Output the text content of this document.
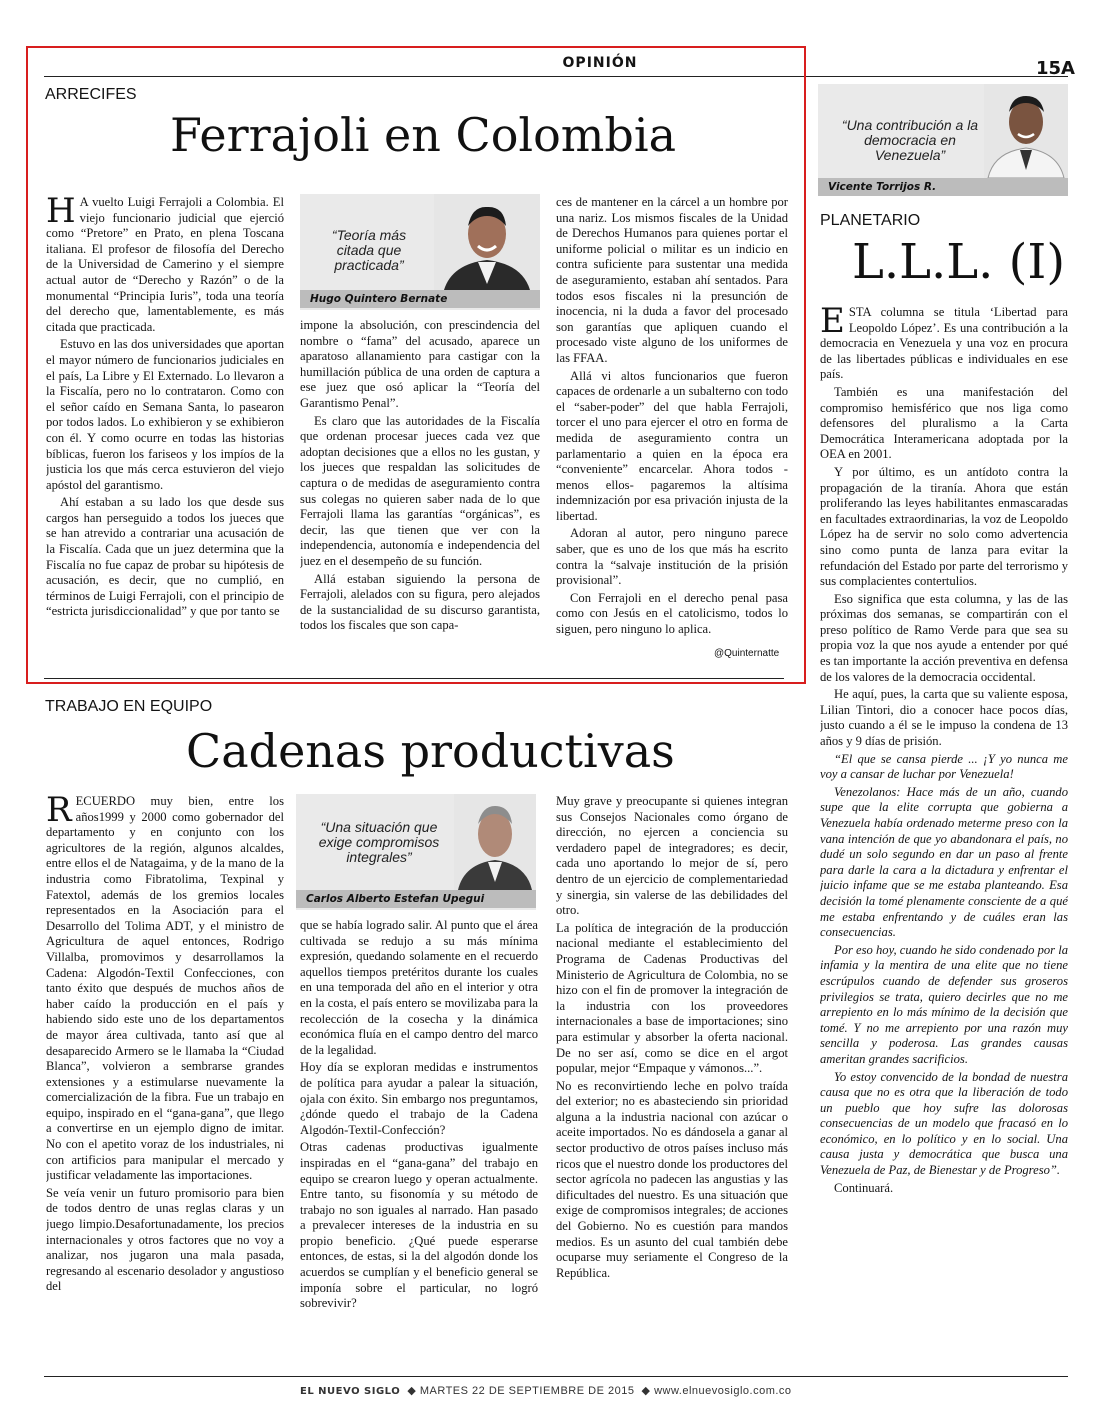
OPINIÓN	15A
ARRECIFES
Ferrajoli en Colombia

H A vuelto Luigi Ferrajoli a Colombia. El viejo funcionario judicial que ejerció como “Pretore” en Prato, en plena Toscana italiana. El profesor de filosofía del Derecho de la Universidad de Camerino y el siempre actual autor de “Derecho y Razón” o de la monumental “Principia Iuris”, toda una teoría del derecho que, lamentablemente, es más citada que practicada.

Estuvo en las dos universidades que aportan el mayor número de funcionarios judiciales en el país, La Libre y El Externado. Lo llevaron a la Fiscalía, pero no lo contrataron. Como con el señor caído en Semana Santa, lo pasearon por todos lados. Lo exhibieron y se exhibieron con él. Y como ocurre en todas las historias bíblicas, fueron los fariseos y los impíos de la justicia los que más cerca estuvieron del viejo apóstol del garantismo.

Ahí estaban a su lado los que desde sus cargos han perseguido a todos los jueces que se han atrevido a contrariar una acusación de la Fiscalía. Cada que un juez determina que la Fiscalía no fue capaz de probar su hipótesis de acusación, es decir, que no cumplió, en términos de Luigi Ferrajoli, con el principio de “estricta jurisdiccionalidad” y que por tanto se

“Teoría más citada que practicada”
Hugo Quintero Bernate

impone la absolución, con prescindencia del nombre o “fama” del acusado, aparece un aparatoso allanamiento para castigar con la humillación pública de una orden de captura a ese juez que osó aplicar la “Teoría del Garantismo Penal”.

Es claro que las autoridades de la Fiscalía que ordenan procesar jueces cada vez que adoptan decisiones que a ellos no les gustan, y los jueces que respaldan las solicitudes de captura o de medidas de aseguramiento contra sus colegas no quieren saber nada de lo que Ferrajoli llama las garantías “orgánicas”, es decir, las que tienen que ver con la independencia, autonomía e independencia del juez en el desempeño de su función.

Allá estaban siguiendo la persona de Ferrajoli, alelados con su figura, pero alejados de la sustancialidad de su discurso garantista, todos los fiscales que son capa-

ces de mantener en la cárcel a un hombre por una nariz. Los mismos fiscales de la Unidad de Derechos Humanos para quienes portar el uniforme policial o militar es un indicio en contra suficiente para sustentar una medida de aseguramiento, estaban ahí sentados. Para todos esos fiscales ni la presunción de inocencia, ni la duda a favor del procesado son garantías que apliquen cuando el procesado viste alguno de los uniformes de las FFAA.

Allá vi altos funcionarios que fueron capaces de ordenarle a un subalterno con todo el “saber-poder” del que habla Ferrajoli, torcer el uno para ejercer el otro en forma de medida de aseguramiento contra un parlamentario a quien en la época era “conveniente” encarcelar. Ahora todos -menos ellos- pagaremos la altísima indemnización por esa privación injusta de la libertad.

Adoran al autor, pero ninguno parece saber, que es uno de los que más ha escrito contra la “salvaje institución de la prisión provisional”.

Con Ferrajoli en el derecho penal pasa como con Jesús en el catolicismo, todos lo siguen, pero ninguno lo aplica.

@Quinternatte
TRABAJO EN EQUIPO
Cadenas productivas

RECUERDO muy bien, entre los años1999 y 2000 como gobernador del departamento y en conjunto con los agricultores de la región, algunos alcaldes, entre ellos el de Natagaima, y de la mano de la industria como Fibratolima, Texpinal y Fatextol, además de los gremios locales representados en la Asociación para el Desarrollo del Tolima ADT, y el ministro de Agricultura de aquel entonces, Rodrigo Villalba, promovimos y desarrollamos la Cadena: Algodón-Textil Confecciones, con tanto éxito que después de muchos años de haber caído la producción en el país y habiendo sido este uno de los departamentos de mayor área cultivada, tanto así que al desaparecido Armero se le llamaba la “Ciudad Blanca”, volvieron a sembrarse grandes extensiones y a estimularse nuevamente la comercialización de la fibra. Fue un trabajo en equipo, inspirado en el “gana-gana”, que llego a convertirse en un ejemplo digno de imitar. No con el apetito voraz de los industriales, ni con artificios para manipular el mercado y justificar veladamente las importaciones.

Se veía venir un futuro promisorio para bien de todos dentro de unas reglas claras y un juego limpio.Desafortunadamente, los precios internacionales y otros factores que no voy a analizar, nos jugaron una mala pasada, regresando al escenario desolador y angustioso del

“Una situación que exige compromisos integrales”
Carlos Alberto Estefan Upegui

que se había logrado salir. Al punto que el área cultivada se redujo a su más mínima expresión, quedando solamente en el recuerdo aquellos tiempos pretéritos durante los cuales en una temporada del año en el interior y otra en la costa, el país entero se movilizaba para la recolección de la cosecha y la dinámica económica fluía en el campo dentro del marco de la legalidad.

Hoy día se exploran medidas e instrumentos de política para ayudar a palear la situación, ojala con éxito. Sin embargo nos preguntamos, ¿dónde quedo el trabajo de la Cadena Algodón-Textil-Confección?

Otras cadenas productivas igualmente inspiradas en el “gana-gana” del trabajo en equipo se crearon luego y operan actualmente. Entre tanto, su fisonomía y su método de trabajo no son iguales al narrado. Han pasado a prevalecer intereses de la industria en su propio beneficio. ¿Qué puede esperarse entonces, de estas, si la del algodón donde los acuerdos se cumplían y el beneficio general se imponía sobre el particular, no logró sobrevivir?

Muy grave y preocupante si quienes integran sus Consejos Nacionales como órgano de dirección, no ejercen a conciencia su verdadero papel de integradores; es decir, cada uno aportando lo mejor de sí, pero dentro de un ejercicio de complementariedad y sinergia, sin valerse de las debilidades del otro.

La política de integración de la producción nacional mediante el establecimiento del Programa de Cadenas Productivas del Ministerio de Agricultura de Colombia, no se hizo con el fin de promover la integración de la industria con los proveedores internacionales a base de importaciones; sino para estimular y absorber la oferta nacional. De no ser así, como se dice en el argot popular, mejor “Empaque y vámonos...”.

No es reconvirtiendo leche en polvo traída del exterior; no es abasteciendo sin prioridad alguna a la industria nacional con azúcar o aceite importados. No es dándosela a ganar al sector productivo de otros países incluso más ricos que el nuestro donde los productores del sector agrícola no padecen las angustias y las dificultades del nuestro. Es una situación que exige de compromisos integrales; de acciones del Gobierno. No es cuestión para mandos medios. Es un asunto del cual también debe ocuparse muy seriamente el Congreso de la República.

“Una contribución a la democracia en Venezuela”
Vicente Torrijos R.
PLANETARIO
L.L.L. (I)

ESTA columna se titula ‘Libertad para Leopoldo López’. Es una contribución a la democracia en Venezuela y una voz en procura de las libertades públicas e individuales en ese país.

También es una manifestación del compromiso hemisférico que nos liga como defensores del pluralismo a la Carta Democrática Interamericana adoptada por la OEA en 2001.

Y por último, es un antídoto contra la propagación de la tiranía. Ahora que están proliferando las leyes habilitantes enmascaradas en facultades extraordinarias, la voz de Leopoldo López ha de servir no solo como advertencia sino como punta de lanza para evitar la refundación del Estado por parte del terrorismo y sus complacientes contertulios.

Eso significa que esta columna, y las de las próximas dos semanas, se compartirán con el preso político de Ramo Verde para que sea su propia voz la que nos ayude a entender por qué es tan importante la acción preventiva en defensa de los valores de la democracia occidental.

He aquí, pues, la carta que su valiente esposa, Lilian Tintori, dio a conocer hace pocos días, justo cuando a él se le impuso la condena de 13 años y 9 días de prisión.

“El que se cansa pierde ... ¡Y yo nunca me voy a cansar de luchar por Venezuela!

Venezolanos: Hace más de un año, cuando supe que la elite corrupta que gobierna a Venezuela había ordenado meterme preso con la vana intención de que yo abandonara el país, no dudé un solo segundo en dar un paso al frente para darle la cara a la dictadura y enfrentar el juicio infame que se me estaba planteando. Esa decisión la tomé plenamente consciente de a qué me estaba enfrentando y de cuáles eran las consecuencias.

Por eso hoy, cuando he sido condenado por la infamia y la mentira de una elite que no tiene escrúpulos cuando de defender sus groseros privilegios se trata, quiero decirles que no me arrepiento en lo más mínimo de la decisión que tomé. Y no me arrepiento por una razón muy sencilla y poderosa. Las grandes causas ameritan grandes sacrificios.

Yo estoy convencido de la bondad de nuestra causa que no es otra que la liberación de todo un pueblo que hoy sufre las dolorosas consecuencias de un modelo que fracasó en lo económico, en lo político y en lo social. Una causa justa y democrática que busca una Venezuela de Paz, de Bienestar y de Progreso”.

Continuará.

EL NUEVO SIGLO  ◆ MARTES 22 DE SEPTIEMBRE DE 2015  ◆ www.elnuevosiglo.com.co
